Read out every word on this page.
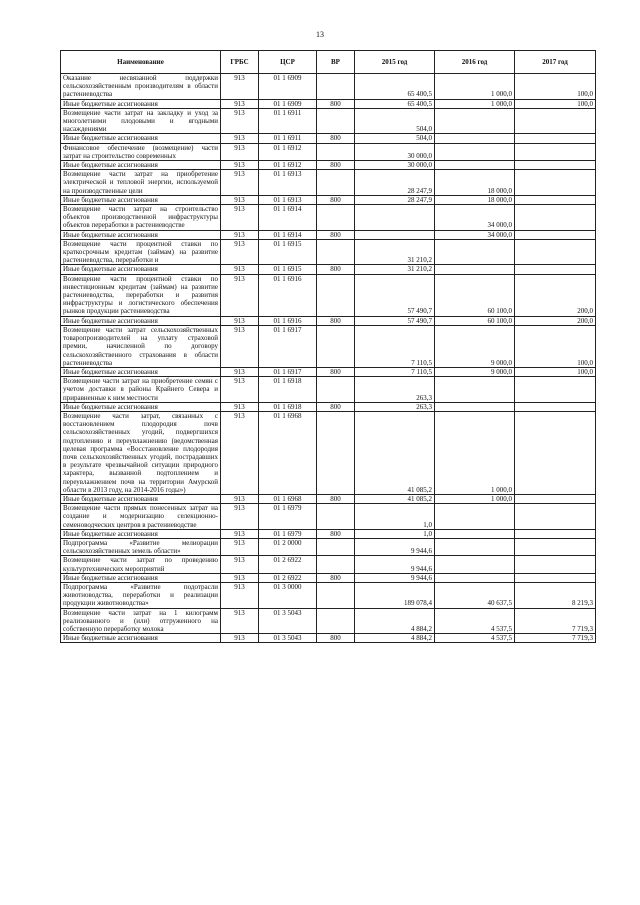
13
Наименование	ГРБС	ЦСР	ВР	2015 год	2016 год	2017 год
Оказание несвязанной поддержки сельскохозяйственным производителям в области растениеводства	913	01 1 6909		65 400,5	1 000,0	100,0
Иные бюджетные ассигнования	913	01 1 6909	800	65 400,5	1 000,0	100,0
Возмещение части затрат на закладку и уход за многолетними плодовыми и ягодными насаждениями	913	01 1 6911		504,0		
Иные бюджетные ассигнования	913	01 1 6911	800	504,0		
Финансовое обеспечение (возмещение) части затрат на строительство современных	913	01 1 6912		30 000,0		
Иные бюджетные ассигнования	913	01 1 6912	800	30 000,0		
Возмещение части затрат на приобретение электрической и тепловой энергии, используемой на производственные цели	913	01 1 6913		28 247,9	18 000,0	
Иные бюджетные ассигнования	913	01 1 6913	800	28 247,9	18 000,0	
Возмещение части затрат на строительство объектов производственной инфраструктуры объектов переработки в растениеводстве	913	01 1 6914			34 000,0	
Иные бюджетные ассигнования	913	01 1 6914	800		34 000,0	
Возмещение части процентной ставки по краткосрочным кредитам (займам) на развитие растениеводства, переработки и	913	01 1 6915		31 210,2		
Иные бюджетные ассигнования	913	01 1 6915	800	31 210,2		
Возмещение части процентной ставки по инвестиционным кредитам (займам) на развитие растениеводства, переработки и развития инфраструктуры и логистического обеспечения рынков продукции растениеводства	913	01 1 6916		57 490,7	60 100,0	200,0
Иные бюджетные ассигнования	913	01 1 6916	800	57 490,7	60 100,0	200,0
Возмещение части затрат сельскохозяйственных товаропроизводителей на уплату страховой премии, начисленной по договору сельскохозяйственного страхования в области растениеводства	913	01 1 6917		7 110,5	9 000,0	100,0
Иные бюджетные ассигнования	913	01 1 6917	800	7 110,5	9 000,0	100,0
Возмещение части затрат на приобретение семян с учетом доставки в районы Крайнего Севера и приравненные к ним местности	913	01 1 6918		263,3		
Иные бюджетные ассигнования	913	01 1 6918	800	263,3		
Возмещение части затрат, связанных с восстановлением плодородия почв сельскохозяйственных угодий, подвергшихся подтоплению и переувлажнению (ведомственная целевая программа «Восстановление плодородия почв сельскохозяйственных угодий, пострадавших в результате чрезвычайной ситуации природного характера, вызванной подтоплением и переувлажнением почв на территории Амурской области в 2013 году, на 2014-2016 годы»)	913	01 1 6968		41 085,2	1 000,0	
Иные бюджетные ассигнования	913	01 1 6968	800	41 085,2	1 000,0	
Возмещение части прямых понесенных затрат на создание и модернизацию селекционно-семеноводческих центров в растениеводстве	913	01 1 6979		1,0		
Иные бюджетные ассигнования	913	01 1 6979	800	1,0		
Подпрограмма «Развитие мелиорации сельскохозяйственных земель области»	913	01 2 0000		9 944,6		
Возмещение части затрат по проведению культуртехнических мероприятий	913	01 2 6922		9 944,6		
Иные бюджетные ассигнования	913	01 2 6922	800	9 944,6		
Подпрограмма «Развитие подотрасли животноводства, переработки и реализации продукции животноводства»	913	01 3 0000		189 078,4	40 637,5	8 219,3
Возмещение части затрат на 1 килограмм реализованного и (или) отгруженного на собственную переработку молока	913	01 3 5043		4 884,2	4 537,5	7 719,3
Иные бюджетные ассигнования	913	01 3 5043	800	4 884,2	4 537,5	7 719,3
